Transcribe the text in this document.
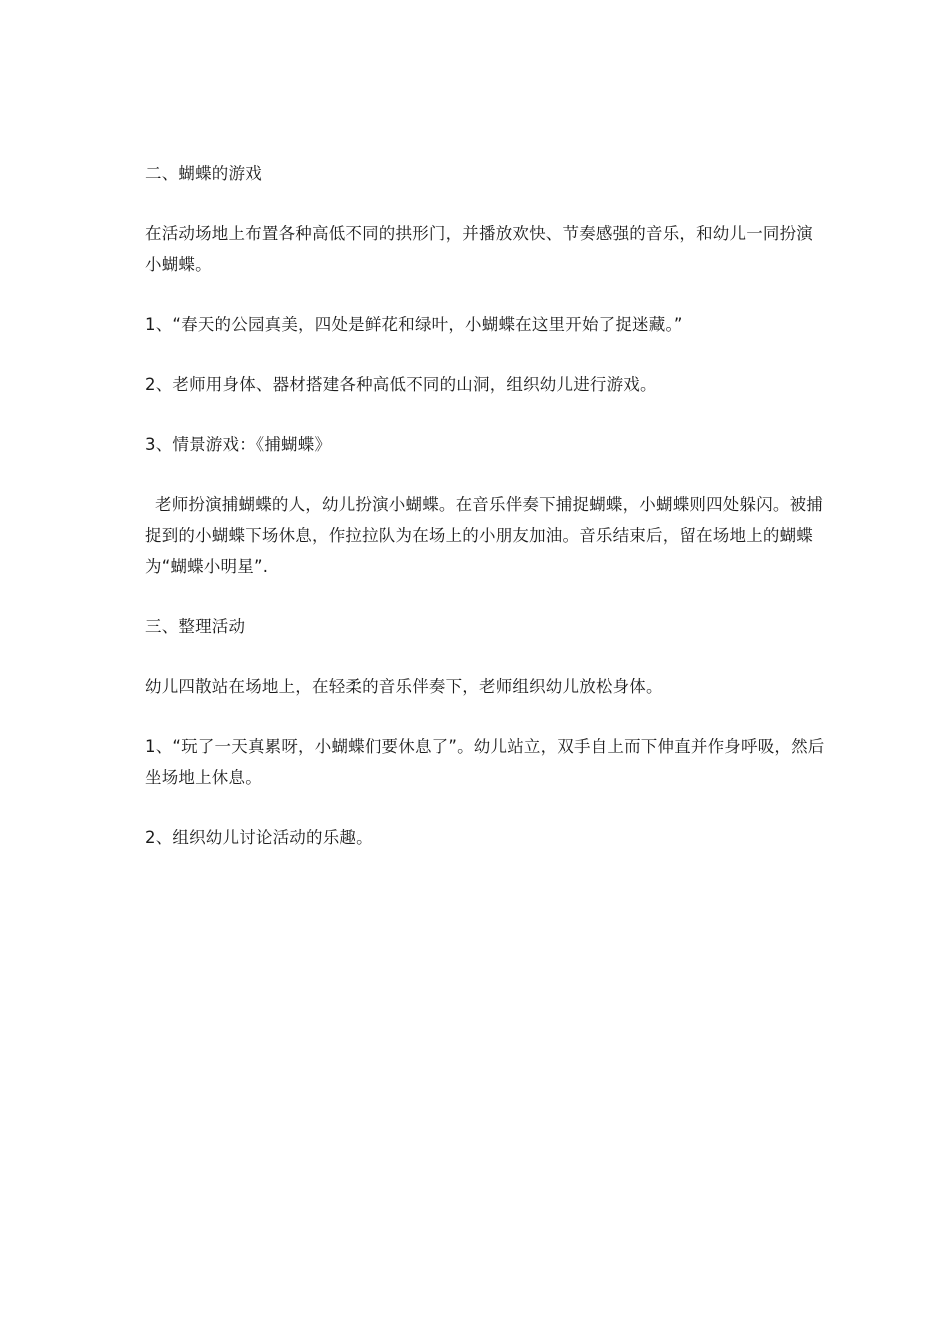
二、蝴蝶的游戏

在活动场地上布置各种高低不同的拱形门，并播放欢快、节奏感强的音乐，和幼儿一同扮演小蝴蝶。

1、“春天的公园真美，四处是鲜花和绿叶，小蝴蝶在这里开始了捉迷藏。”

2、老师用身体、器材搭建各种高低不同的山洞，组织幼儿进行游戏。

3、情景游戏：《捕蝴蝶》

老师扮演捕蝴蝶的人，幼儿扮演小蝴蝶。在音乐伴奏下捕捉蝴蝶，小蝴蝶则四处躲闪。被捕捉到的小蝴蝶下场休息，作拉拉队为在场上的小朋友加油。音乐结束后，留在场地上的蝴蝶为“蝴蝶小明星”.

三、整理活动

幼儿四散站在场地上，在轻柔的音乐伴奏下，老师组织幼儿放松身体。

1、“玩了一天真累呀，小蝴蝶们要休息了”。幼儿站立，双手自上而下伸直并作身呼吸，然后坐场地上休息。

2、组织幼儿讨论活动的乐趣。
